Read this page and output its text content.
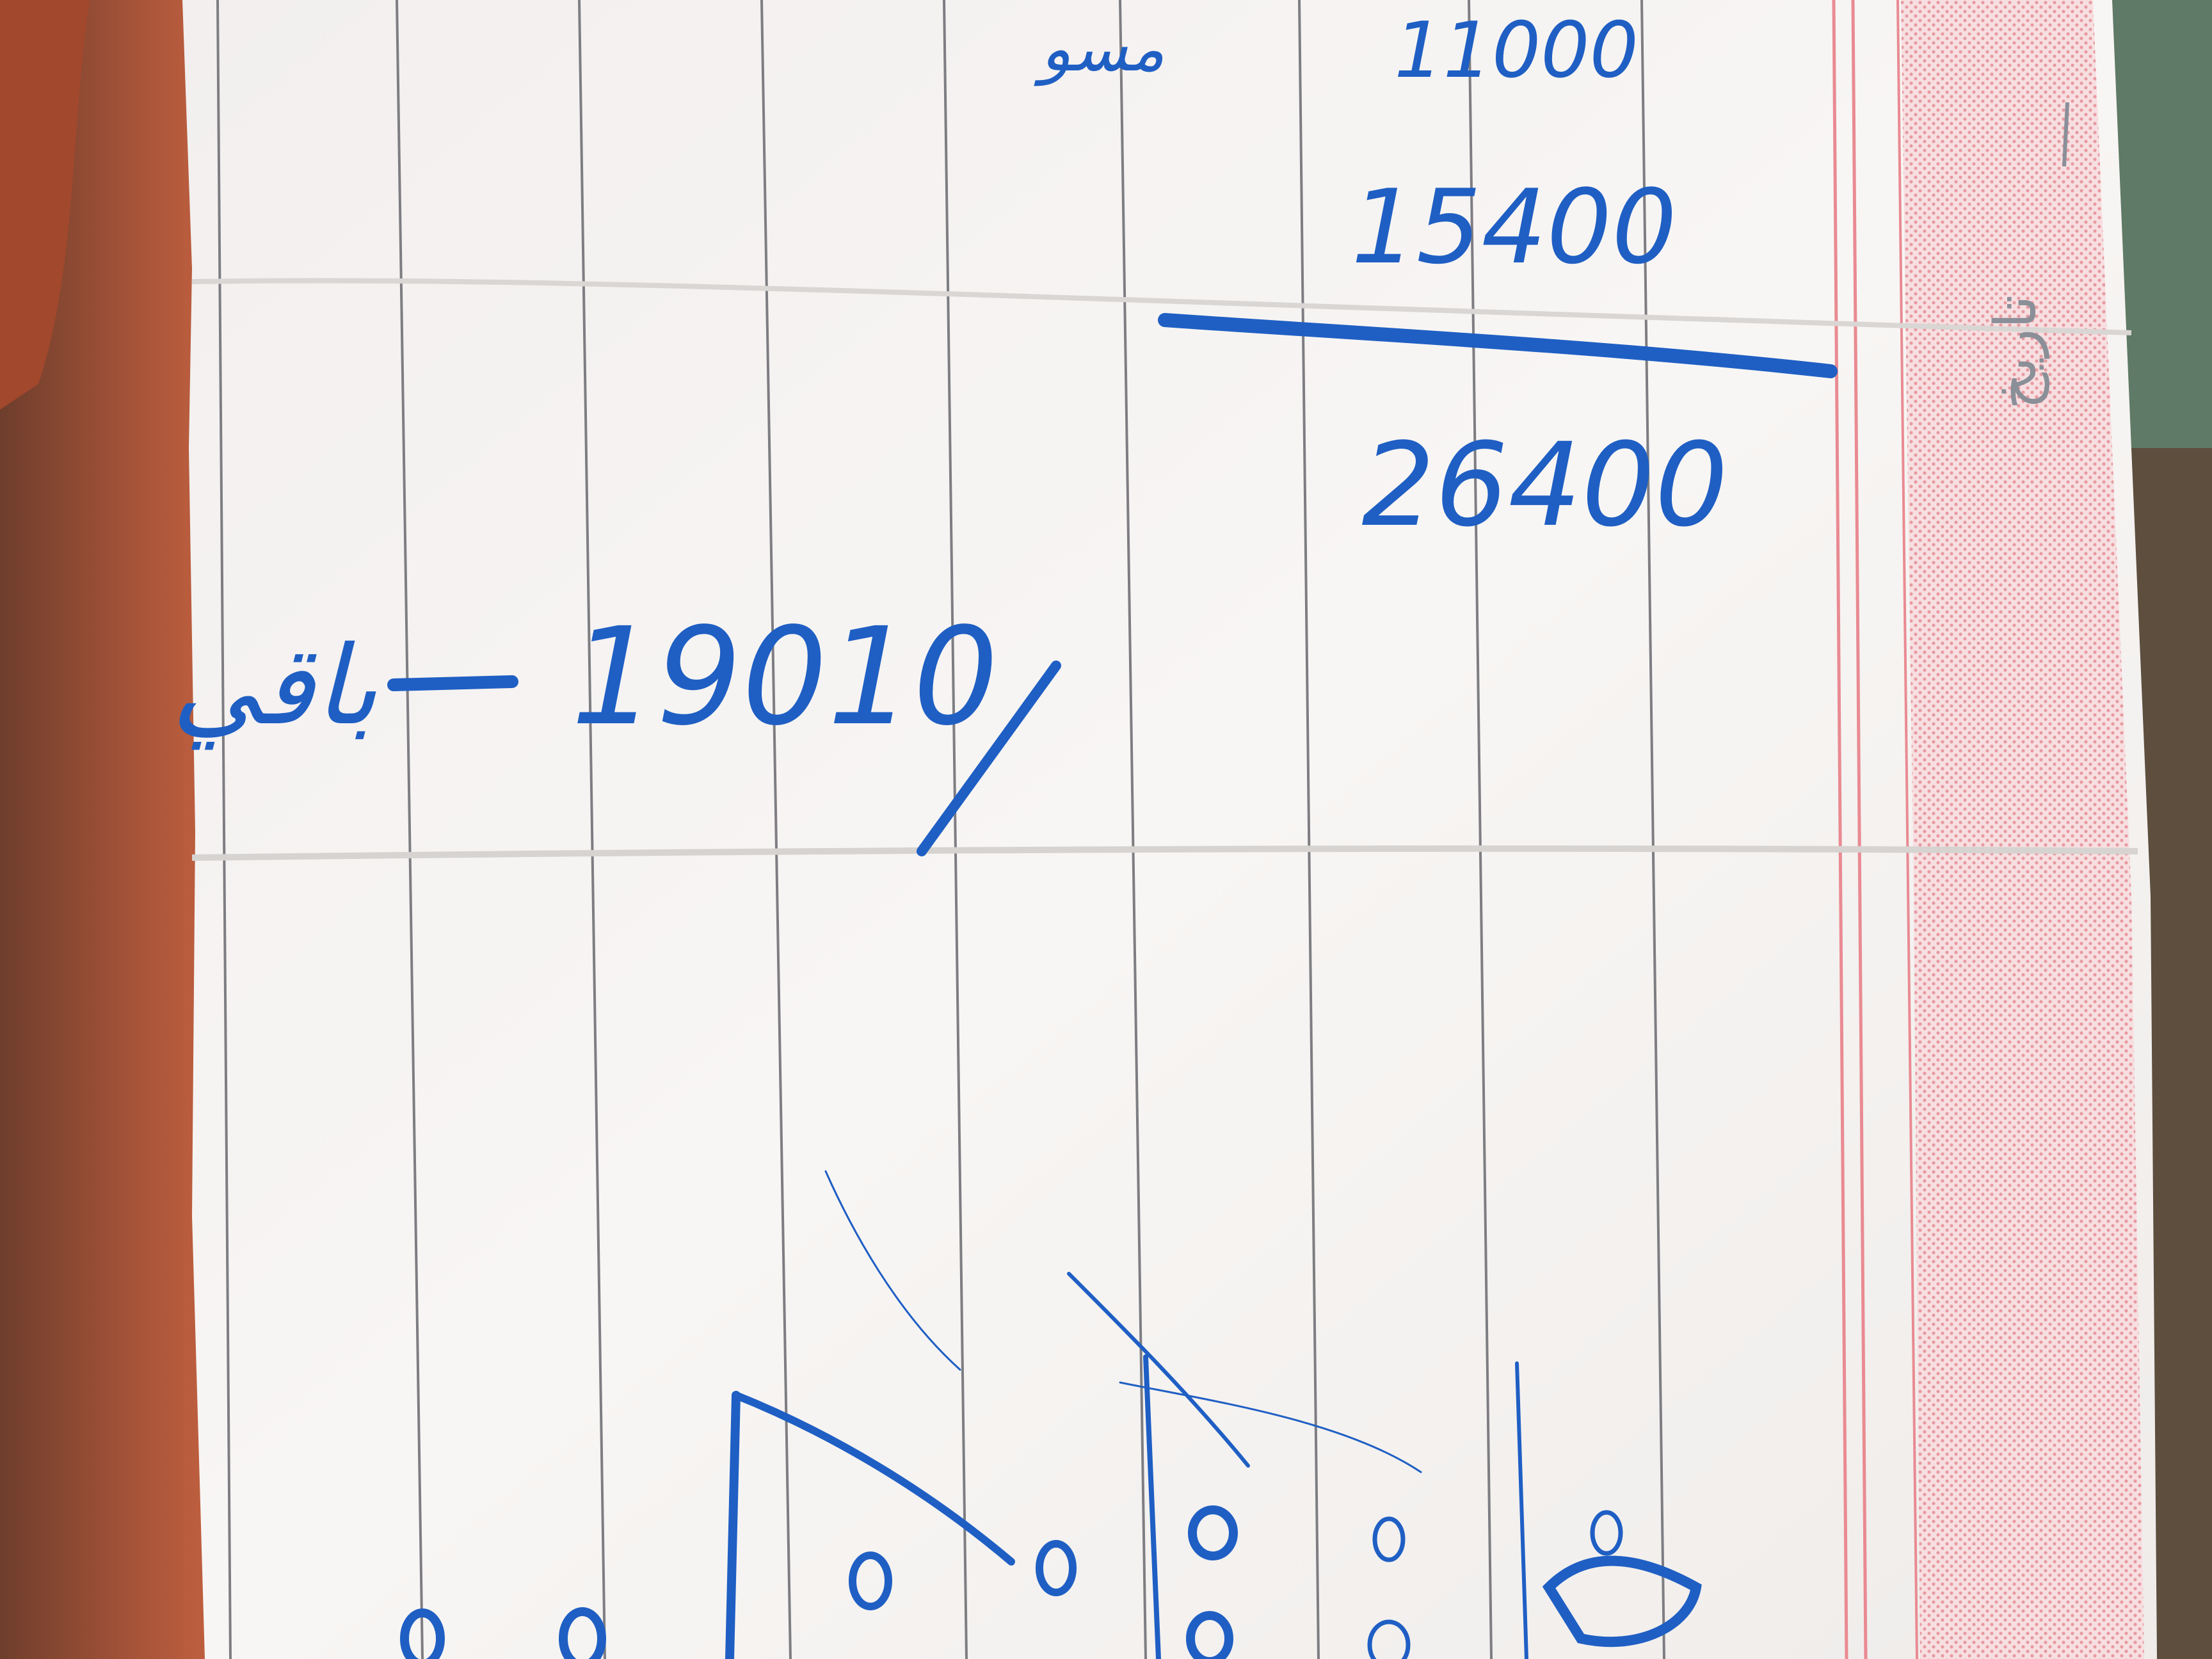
11000
مسو
15400
26400
باقي 19010
تاريخ
